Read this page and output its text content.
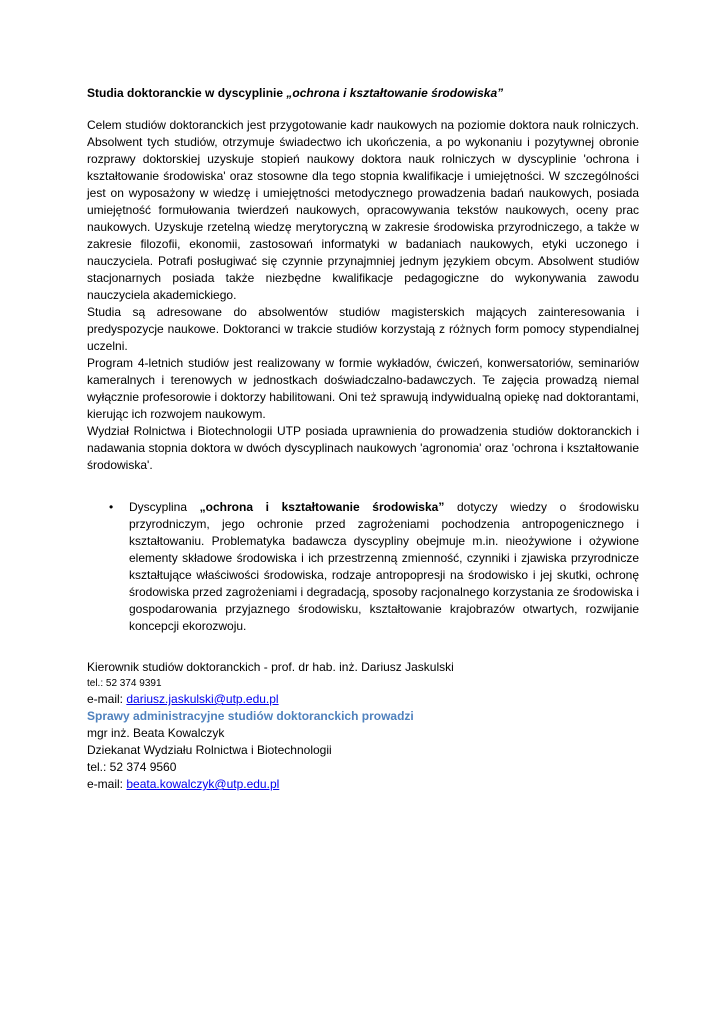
Studia doktoranckie w dyscyplinie „ochrona i kształtowanie środowiska”

Celem studiów doktoranckich jest przygotowanie kadr naukowych na poziomie doktora nauk rolniczych. Absolwent tych studiów, otrzymuje świadectwo ich ukończenia, a po wykonaniu i pozytywnej obronie rozprawy doktorskiej uzyskuje stopień naukowy doktora nauk rolniczych w dyscyplinie 'ochrona i kształtowanie środowiska' oraz stosowne dla tego stopnia kwalifikacje i umiejętności. W szczególności jest on wyposażony w wiedzę i umiejętności metodycznego prowadzenia badań naukowych, posiada umiejętność formułowania twierdzeń naukowych, opracowywania tekstów naukowych, oceny prac naukowych. Uzyskuje rzetelną wiedzę merytoryczną w zakresie środowiska przyrodniczego, a także w zakresie filozofii, ekonomii, zastosowań informatyki w badaniach naukowych, etyki uczonego i nauczyciela. Potrafi posługiwać się czynnie przynajmniej jednym językiem obcym. Absolwent studiów stacjonarnych posiada także niezbędne kwalifikacje pedagogiczne do wykonywania zawodu nauczyciela akademickiego.

Studia są adresowane do absolwentów studiów magisterskich mających zainteresowania i predyspozycje naukowe. Doktoranci w trakcie studiów korzystają z różnych form pomocy stypendialnej uczelni.

Program 4-letnich studiów jest realizowany w formie wykładów, ćwiczeń, konwersatoriów, seminariów kameralnych i terenowych w jednostkach doświadczalno-badawczych. Te zajęcia prowadzą niemal wyłącznie profesorowie i doktorzy habilitowani. Oni też sprawują indywidualną opiekę nad doktorantami, kierując ich rozwojem naukowym.

Wydział Rolnictwa i Biotechnologii UTP posiada uprawnienia do prowadzenia studiów doktoranckich i nadawania stopnia doktora w dwóch dyscyplinach naukowych 'agronomia' oraz 'ochrona i kształtowanie środowiska'.

• Dyscyplina „ochrona i kształtowanie środowiska” dotyczy wiedzy o środowisku przyrodniczym, jego ochronie przed zagrożeniami pochodzenia antropogenicznego i kształtowaniu. Problematyka badawcza dyscypliny obejmuje m.in. nieożywione i ożywione elementy składowe środowiska i ich przestrzenną zmienność, czynniki i zjawiska przyrodnicze kształtujące właściwości środowiska, rodzaje antropopresji na środowisko i jej skutki, ochronę środowiska przed zagrożeniami i degradacją, sposoby racjonalnego korzystania ze środowiska i gospodarowania przyjaznego środowisku, kształtowanie krajobrazów otwartych, rozwijanie koncepcji ekorozwoju.

Kierownik studiów doktoranckich - prof. dr hab. inż. Dariusz Jaskulski
tel.: 52 374 9391
e-mail: dariusz.jaskulski@utp.edu.pl
Sprawy administracyjne studiów doktoranckich prowadzi
mgr inż. Beata Kowalczyk
Dziekanat Wydziału Rolnictwa i Biotechnologii
tel.: 52 374 9560
e-mail: beata.kowalczyk@utp.edu.pl
